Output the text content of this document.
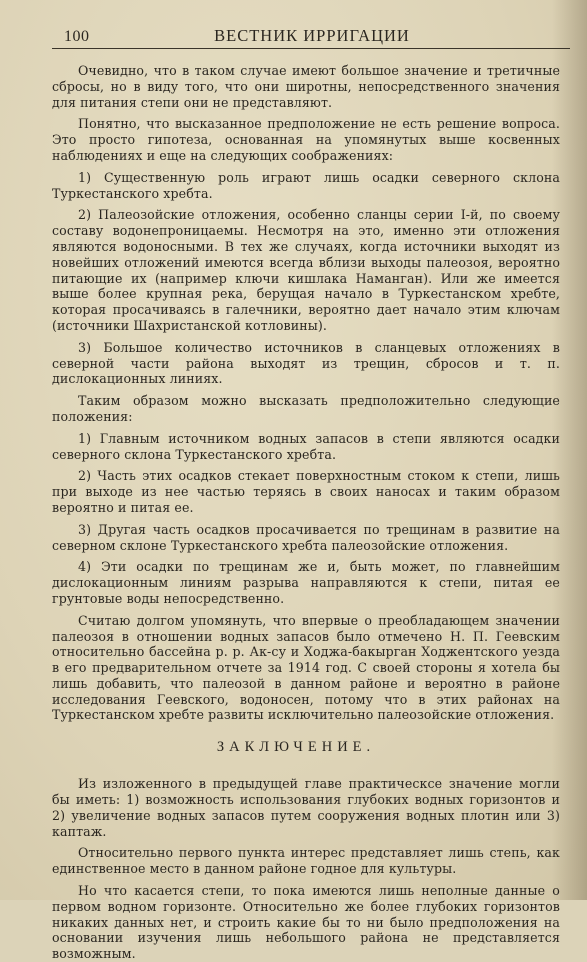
100	ВЕСТНИК ИРРИГАЦИИ

Очевидно, что в таком случае имеют большое значение и третичные сбросы, но в виду того, что они широтны, непосредственного значения для питания степи они не представляют.

Понятно, что высказанное предположение не есть решение вопроса. Это просто гипотеза, основанная на упомянутых выше косвенных наблюдениях и еще на следующих соображениях:

1) Существенную роль играют лишь осадки северного склона Туркестанского хребта.

2) Палеозойские отложения, особенно сланцы серии I-й, по своему составу водонепроницаемы. Несмотря на это, именно эти отложения являются водоносными. В тех же случаях, когда источники выходят из новейших отложений имеются всегда вблизи выходы палеозоя, вероятно питающие их (например ключи кишлака Наманган). Или же имеется выше более крупная река, берущая начало в Туркестанском хребте, которая просачиваясь в галечники, вероятно дает начало этим ключам (источники Шахристанской котловины).

3) Большое количество источников в сланцевых отложениях в северной части района выходят из трещин, сбросов и т. п. дислокационных линиях.

Таким образом можно высказать предположительно следующие положения:

1) Главным источником водных запасов в степи являются осадки северного склона Туркестанского хребта.

2) Часть этих осадков стекает поверхностным стоком к степи, лишь при выходе из нее частью теряясь в своих наносах и таким образом вероятно и питая ее.

3) Другая часть осадков просачивается по трещинам в развитие на северном склоне Туркестанского хребта палеозойские отложения.

4) Эти осадки по трещинам же и, быть может, по главнейшим дислокационным линиям разрыва направляются к степи, питая ее грунтовые воды непосредственно.

Считаю долгом упомянуть, что впервые о преобладающем значении палеозоя в отношении водных запасов было отмечено Н. П. Геевским относительно бассейна р. р. Ак-су и Ходжа-бакырган Ходжентского уезда в его предварительном отчете за 1914 год. С своей стороны я хотела бы лишь добавить, что палеозой в данном районе и вероятно в районе исследования Геевского, водоносен, потому что в этих районах на Туркестанском хребте развиты исключительно палеозойские отложения.

ЗАКЛЮЧЕНИЕ.

Из изложенного в предыдущей главе практическсе значение могли бы иметь: 1) возможность использования глубоких водных горизонтов и 2) увеличение водных запасов путем сооружения водных плотин или 3) каптаж.

Относительно первого пункта интерес представляет лишь степь, как единственное место в данном районе годное для культуры.

Но что касается степи, то пока имеются лишь неполные данные о первом водном горизонте. Относительно же более глубоких горизонтов никаких данных нет, и строить какие бы то ни было предположения на основании изучения лишь небольшого района не представляется возможным.
